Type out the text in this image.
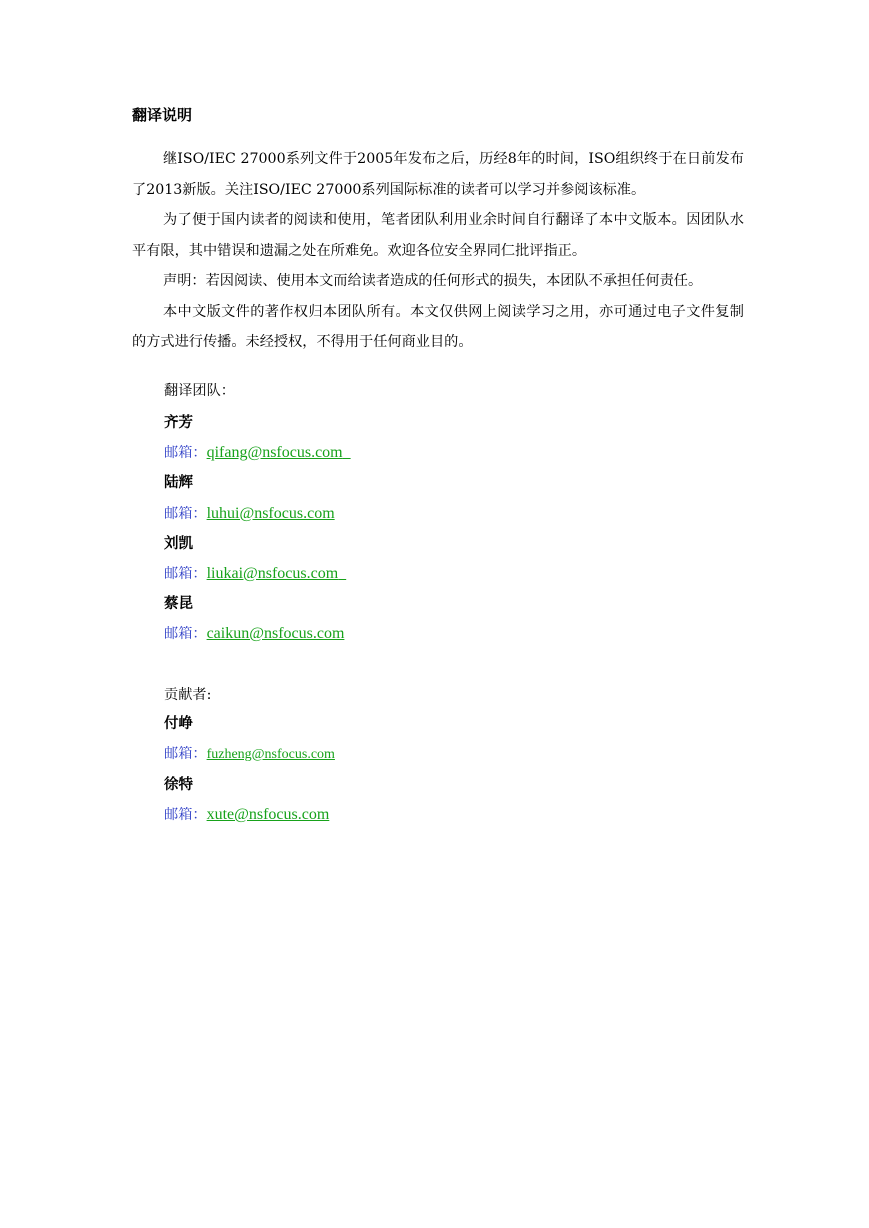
翻译说明

继ISO/IEC 27000系列文件于2005年发布之后，历经8年的时间，ISO组织终于在日前发布了2013新版。关注ISO/IEC 27000系列国际标准的读者可以学习并参阅该标准。

为了便于国内读者的阅读和使用，笔者团队利用业余时间自行翻译了本中文版本。因团队水平有限，其中错误和遗漏之处在所难免。欢迎各位安全界同仁批评指正。

声明：若因阅读、使用本文而给读者造成的任何形式的损失，本团队不承担任何责任。

本中文版文件的著作权归本团队所有。本文仅供网上阅读学习之用，亦可通过电子文件复制的方式进行传播。未经授权，不得用于任何商业目的。

翻译团队：
齐芳
邮箱：qifang@nsfocus.com
陆辉
邮箱：luhui@nsfocus.com
刘凯
邮箱：liukai@nsfocus.com
蔡昆
邮箱：caikun@nsfocus.com
贡献者:
付峥
邮箱：fuzheng@nsfocus.com
徐特
邮箱：xute@nsfocus.com
